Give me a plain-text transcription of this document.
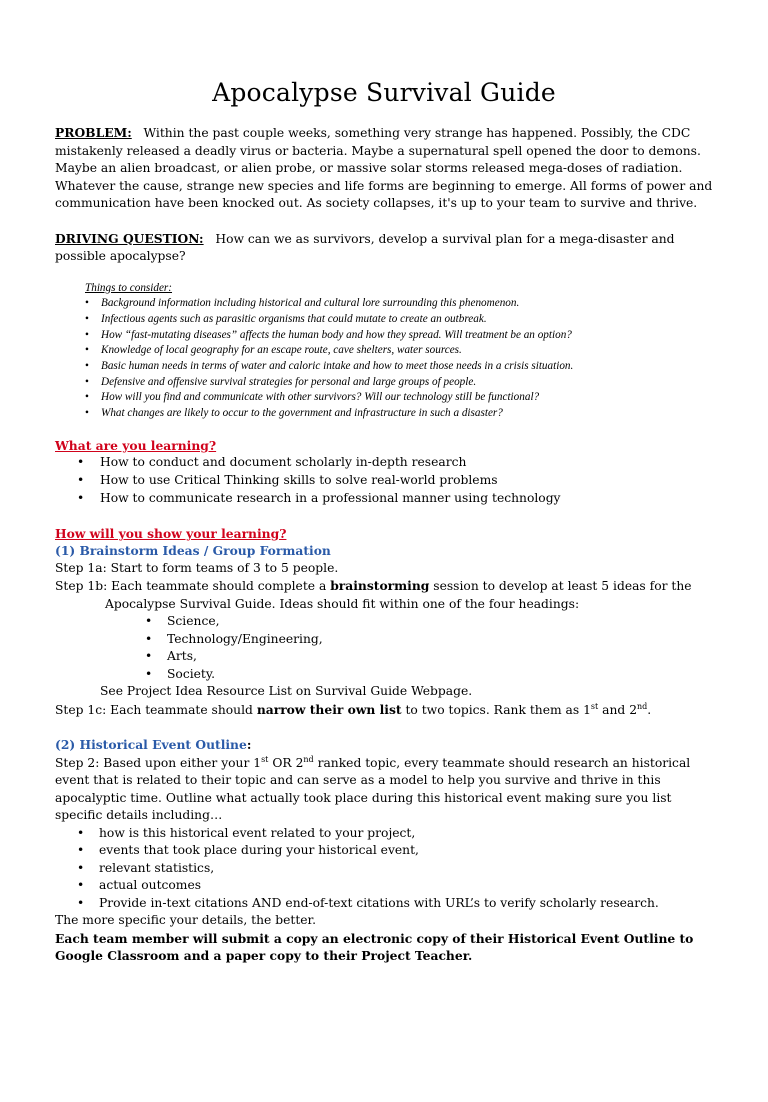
Apocalypse Survival Guide

PROBLEM: Within the past couple weeks, something very strange has happened. Possibly, the CDC mistakenly released a deadly virus or bacteria. Maybe a supernatural spell opened the door to demons. Maybe an alien broadcast, or alien probe, or massive solar storms released mega-doses of radiation. Whatever the cause, strange new species and life forms are beginning to emerge. All forms of power and communication have been knocked out. As society collapses, it's up to your team to survive and thrive.

DRIVING QUESTION: How can we as survivors, develop a survival plan for a mega-disaster and possible apocalypse?

Things to consider:
• Background information including historical and cultural lore surrounding this phenomenon.
• Infectious agents such as parasitic organisms that could mutate to create an outbreak.
• How “fast-mutating diseases” affects the human body and how they spread. Will treatment be an option?
• Knowledge of local geography for an escape route, cave shelters, water sources.
• Basic human needs in terms of water and caloric intake and how to meet those needs in a crisis situation.
• Defensive and offensive survival strategies for personal and large groups of people.
• How will you find and communicate with other survivors? Will our technology still be functional?
• What changes are likely to occur to the government and infrastructure in such a disaster?
What are you learning?
• How to conduct and document scholarly in-depth research
• How to use Critical Thinking skills to solve real-world problems
• How to communicate research in a professional manner using technology
How will you show your learning?
(1) Brainstorm Ideas / Group Formation
Step 1a: Start to form teams of 3 to 5 people.
Step 1b: Each teammate should complete a brainstorming session to develop at least 5 ideas for the
Apocalypse Survival Guide. Ideas should fit within one of the four headings:
• Science,
• Technology/Engineering,
• Arts,
• Society.
See Project Idea Resource List on Survival Guide Webpage.
Step 1c: Each teammate should narrow their own list to two topics. Rank them as 1st and 2nd.
(2) Historical Event Outline:
Step 2: Based upon either your 1st OR 2nd ranked topic, every teammate should research an historical event that is related to their topic and can serve as a model to help you survive and thrive in this apocalyptic time. Outline what actually took place during this historical event making sure you list specific details including…
• how is this historical event related to your project,
• events that took place during your historical event,
• relevant statistics,
• actual outcomes
• Provide in-text citations AND end-of-text citations with URL’s to verify scholarly research.
The more specific your details, the better.
Each team member will submit a copy an electronic copy of their Historical Event Outline to Google Classroom and a paper copy to their Project Teacher.
